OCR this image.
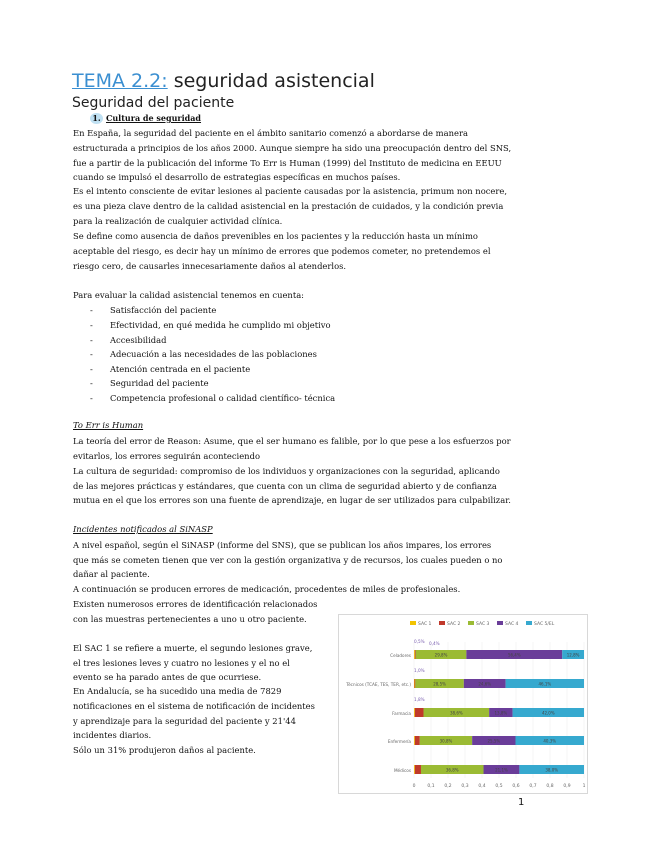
TEMA 2.2: seguridad asistencial
Seguridad del paciente
1. Cultura de seguridad
En España, la seguridad del paciente en el ámbito sanitario comenzó a abordarse de manera
estructurada a principios de los años 2000. Aunque siempre ha sido una preocupación dentro del SNS,
fue a partir de la publicación del informe To Err is Human (1999) del Instituto de medicina en EEUU
cuando se impulsó el desarrollo de estrategias específicas en muchos países.
Es el intento consciente de evitar lesiones al paciente causadas por la asistencia, primum non nocere,
es una pieza clave dentro de la calidad asistencial en la prestación de cuidados, y la condición previa
para la realización de cualquier actividad clínica.
Se define como ausencia de daños prevenibles en los pacientes y la reducción hasta un mínimo
aceptable del riesgo, es decir hay un mínimo de errores que podemos cometer, no pretendemos el
riesgo cero, de causarles innecesariamente daños al atenderlos.
Para evaluar la calidad asistencial tenemos en cuenta:
- Satisfacción del paciente
- Efectividad, en qué medida he cumplido mi objetivo
- Accesibilidad
- Adecuación a las necesidades de las poblaciones
- Atención centrada en el paciente
- Seguridad del paciente
- Competencia profesional o calidad científico- técnica
To Err is Human
La teoría del error de Reason: Asume, que el ser humano es falible, por lo que pese a los esfuerzos por
evitarlos, los errores seguirán aconteciendo
La cultura de seguridad: compromiso de los individuos y organizaciones con la seguridad, aplicando
de las mejores prácticas y estándares, que cuenta con un clima de seguridad abierto y de confianza
mutua en el que los errores son una fuente de aprendizaje, en lugar de ser utilizados para culpabilizar.
Incidentes notificados al SiNASP
A nivel español, según el SiNASP (informe del SNS), que se publican los años impares, los errores
que más se cometen tienen que ver con la gestión organizativa y de recursos, los cuales pueden o no
dañar al paciente.
A continuación se producen errores de medicación, procedentes de miles de profesionales.
Existen numerosos errores de identificación relacionados
con las muestras pertenecientes a uno u otro paciente.
El SAC 1 se refiere a muerte, el segundo lesiones grave,
el tres lesiones leves y cuatro no lesiones y el no el
evento se ha parado antes de que ocurriese.
En Andalucía, se ha sucedido una media de 7829
notificaciones en el sistema de notificación de incidentes
y aprendizaje para la seguridad del paciente y 21'44
incidentes diarios.
Sólo un 31% produjeron daños al paciente.
SAC 1	SAC 2	SAC 3	SAC 4	SAC 5/EL
0	0,1 0,2 0,3 0,4 0,5 0,6 0,7 0,8 0,9	1
Celadores	29,8%	56,4%	12,8%
Técnicos (TCAE, TES, TER, etc.)	28,5%	24,6%	46,1%
Farmacia	38,6%	13,8%	42,0%
Enfermería	30,8%	25,5%	40,3%
Médicos	36,8%	21,1%	38,0%
0,5% 0,4%
1,0%
1,8%
1
